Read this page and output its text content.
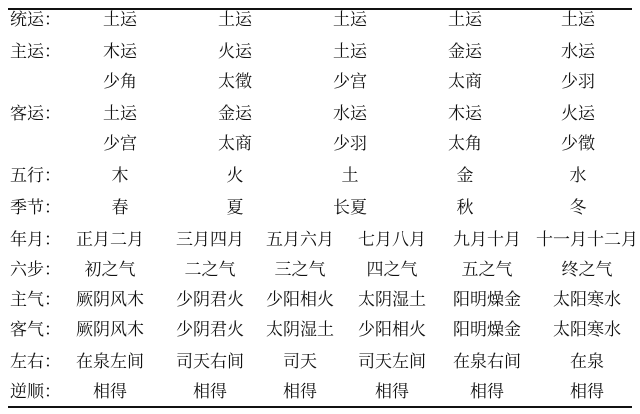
统运： 土运	土运	土运	土运	土运
主运： 木运	火运	土运	金运	水运
少角	太徵	少宫	太商	少羽
客运： 土运	金运	水运	木运	火运
少宫	太商	少羽	太角	少徵
五行：	木	火	土	金	水
季节：	春	夏	长夏	秋	冬
年月： 正月二月 三月四月 五月六月 七月八月 九月十月 十一月十二月
六步： 初之气	二之气 三之气 四之气	五之气	终之气
主气： 厥阴风木 少阴君火 少阳相火 太阴湿土 阳明燥金 太阳寒水
客气： 厥阴风木 少阴君火 太阴湿土 少阳相火 阳明燥金 太阳寒水
左右： 在泉左间 司天右间 司天 司天左间 在泉右间	在泉
逆顺： 相得	相得	相得	相得	相得	相得
